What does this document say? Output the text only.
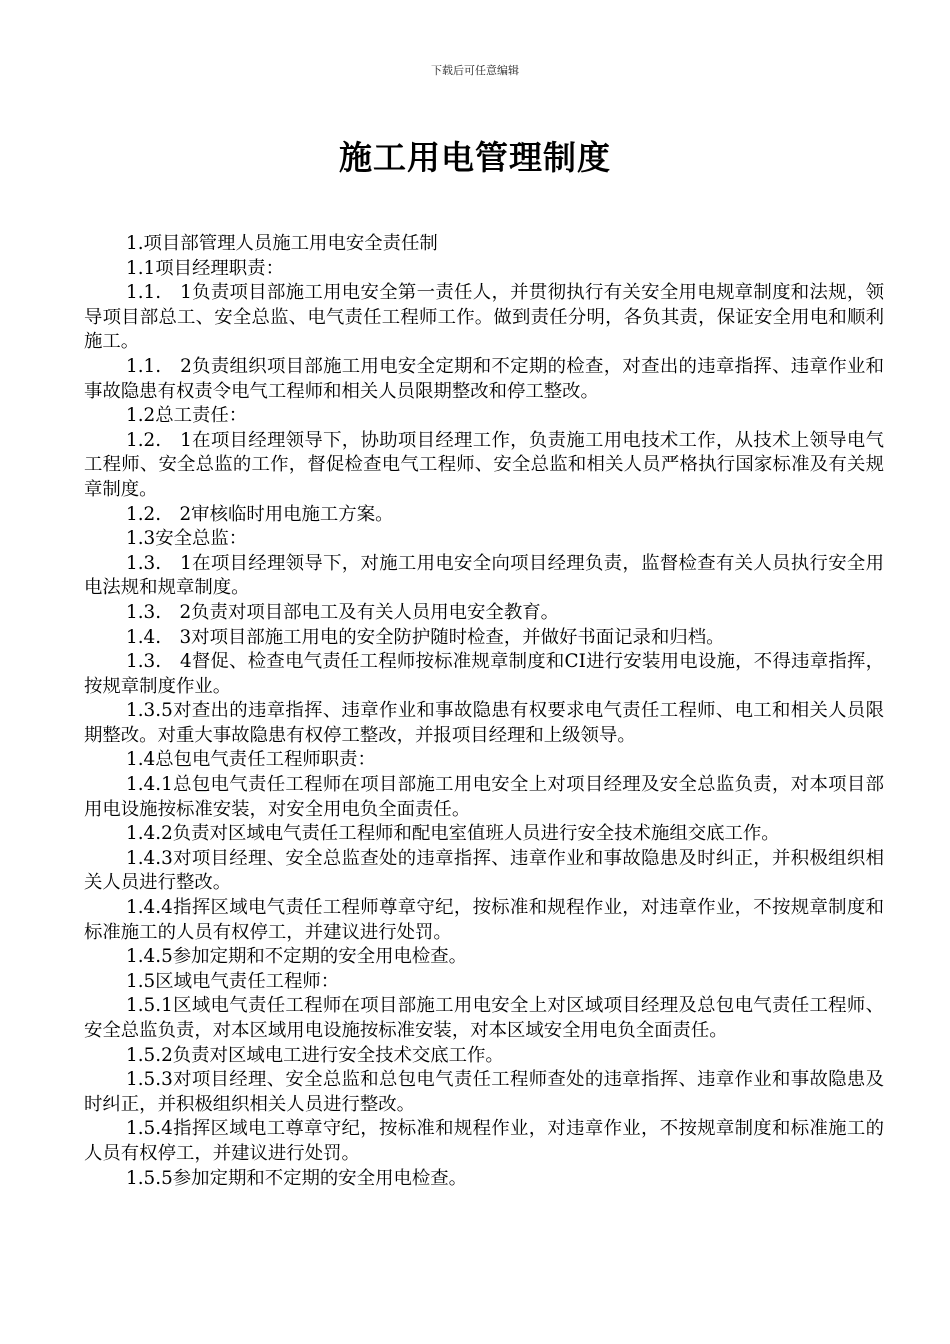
下载后可任意编辑
施工用电管理制度

1.项目部管理人员施工用电安全责任制

1.1项目经理职责：

1.1.　1负责项目部施工用电安全第一责任人，并贯彻执行有关安全用电规章制度和法规，领导项目部总工、安全总监、电气责任工程师工作。做到责任分明，各负其责，保证安全用电和顺利施工。

1.1.　2负责组织项目部施工用电安全定期和不定期的检查，对查出的违章指挥、违章作业和事故隐患有权责令电气工程师和相关人员限期整改和停工整改。

1.2总工责任：

1.2.　1在项目经理领导下，协助项目经理工作，负责施工用电技术工作，从技术上领导电气工程师、安全总监的工作，督促检查电气工程师、安全总监和相关人员严格执行国家标准及有关规章制度。

1.2.　2审核临时用电施工方案。

1.3安全总监：

1.3.　1在项目经理领导下，对施工用电安全向项目经理负责，监督检查有关人员执行安全用电法规和规章制度。

1.3.　2负责对项目部电工及有关人员用电安全教育。

1.4.　3对项目部施工用电的安全防护随时检查，并做好书面记录和归档。

1.3.　4督促、检查电气责任工程师按标准规章制度和CI进行安装用电设施，不得违章指挥，按规章制度作业。

1.3.5对查出的违章指挥、违章作业和事故隐患有权要求电气责任工程师、电工和相关人员限期整改。对重大事故隐患有权停工整改，并报项目经理和上级领导。

1.4总包电气责任工程师职责：

1.4.1总包电气责任工程师在项目部施工用电安全上对项目经理及安全总监负责，对本项目部用电设施按标准安装，对安全用电负全面责任。

1.4.2负责对区域电气责任工程师和配电室值班人员进行安全技术施组交底工作。

1.4.3对项目经理、安全总监查处的违章指挥、违章作业和事故隐患及时纠正，并积极组织相关人员进行整改。

1.4.4指挥区域电气责任工程师尊章守纪，按标准和规程作业，对违章作业，不按规章制度和标准施工的人员有权停工，并建议进行处罚。

1.4.5参加定期和不定期的安全用电检查。

1.5区域电气责任工程师：

1.5.1区域电气责任工程师在项目部施工用电安全上对区域项目经理及总包电气责任工程师、安全总监负责，对本区域用电设施按标准安装，对本区域安全用电负全面责任。

1.5.2负责对区域电工进行安全技术交底工作。

1.5.3对项目经理、安全总监和总包电气责任工程师查处的违章指挥、违章作业和事故隐患及时纠正，并积极组织相关人员进行整改。

1.5.4指挥区域电工尊章守纪，按标准和规程作业，对违章作业，不按规章制度和标准施工的人员有权停工，并建议进行处罚。

1.5.5参加定期和不定期的安全用电检查。
